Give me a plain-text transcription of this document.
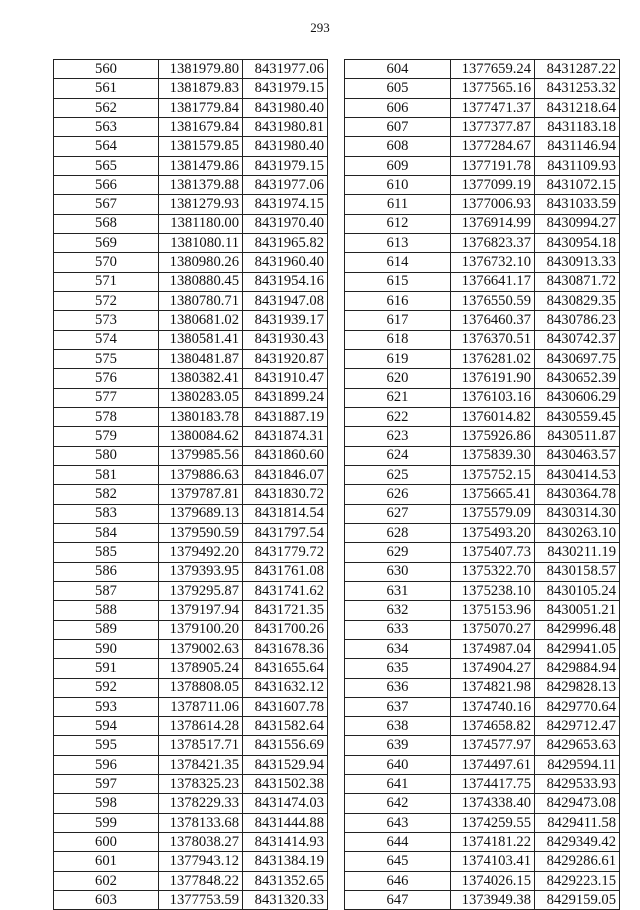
293
560	1381979.80	8431977.06
561	1381879.83	8431979.15
562	1381779.84	8431980.40
563	1381679.84	8431980.81
564	1381579.85	8431980.40
565	1381479.86	8431979.15
566	1381379.88	8431977.06
567	1381279.93	8431974.15
568	1381180.00	8431970.40
569	1381080.11	8431965.82
570	1380980.26	8431960.40
571	1380880.45	8431954.16
572	1380780.71	8431947.08
573	1380681.02	8431939.17
574	1380581.41	8431930.43
575	1380481.87	8431920.87
576	1380382.41	8431910.47
577	1380283.05	8431899.24
578	1380183.78	8431887.19
579	1380084.62	8431874.31
580	1379985.56	8431860.60
581	1379886.63	8431846.07
582	1379787.81	8431830.72
583	1379689.13	8431814.54
584	1379590.59	8431797.54
585	1379492.20	8431779.72
586	1379393.95	8431761.08
587	1379295.87	8431741.62
588	1379197.94	8431721.35
589	1379100.20	8431700.26
590	1379002.63	8431678.36
591	1378905.24	8431655.64
592	1378808.05	8431632.12
593	1378711.06	8431607.78
594	1378614.28	8431582.64
595	1378517.71	8431556.69
596	1378421.35	8431529.94
597	1378325.23	8431502.38
598	1378229.33	8431474.03
599	1378133.68	8431444.88
600	1378038.27	8431414.93
601	1377943.12	8431384.19
602	1377848.22	8431352.65
603	1377753.59	8431320.33
604	1377659.24	8431287.22
605	1377565.16	8431253.32
606	1377471.37	8431218.64
607	1377377.87	8431183.18
608	1377284.67	8431146.94
609	1377191.78	8431109.93
610	1377099.19	8431072.15
611	1377006.93	8431033.59
612	1376914.99	8430994.27
613	1376823.37	8430954.18
614	1376732.10	8430913.33
615	1376641.17	8430871.72
616	1376550.59	8430829.35
617	1376460.37	8430786.23
618	1376370.51	8430742.37
619	1376281.02	8430697.75
620	1376191.90	8430652.39
621	1376103.16	8430606.29
622	1376014.82	8430559.45
623	1375926.86	8430511.87
624	1375839.30	8430463.57
625	1375752.15	8430414.53
626	1375665.41	8430364.78
627	1375579.09	8430314.30
628	1375493.20	8430263.10
629	1375407.73	8430211.19
630	1375322.70	8430158.57
631	1375238.10	8430105.24
632	1375153.96	8430051.21
633	1375070.27	8429996.48
634	1374987.04	8429941.05
635	1374904.27	8429884.94
636	1374821.98	8429828.13
637	1374740.16	8429770.64
638	1374658.82	8429712.47
639	1374577.97	8429653.63
640	1374497.61	8429594.11
641	1374417.75	8429533.93
642	1374338.40	8429473.08
643	1374259.55	8429411.58
644	1374181.22	8429349.42
645	1374103.41	8429286.61
646	1374026.15	8429223.15
647	1373949.38	8429159.05
